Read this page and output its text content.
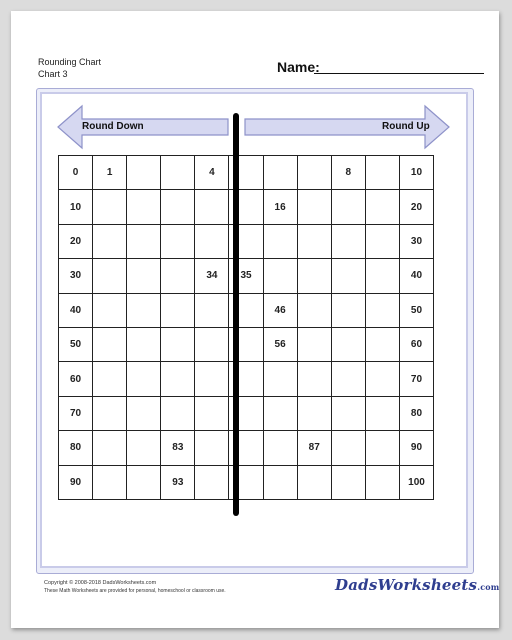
Rounding Chart
Chart 3	Name:
Round Down	Round Up
0	1			4				8		10
10						16				20
20										30
30				34	35					40
40						46				50
50						56				60
60										70
70										80
80			83				87			90
90			93							100
Copyright © 2008-2018 DadsWorksheets.com
These Math Worksheets are provided for personal, homeschool or classroom use.	DadsWorksheets.com
